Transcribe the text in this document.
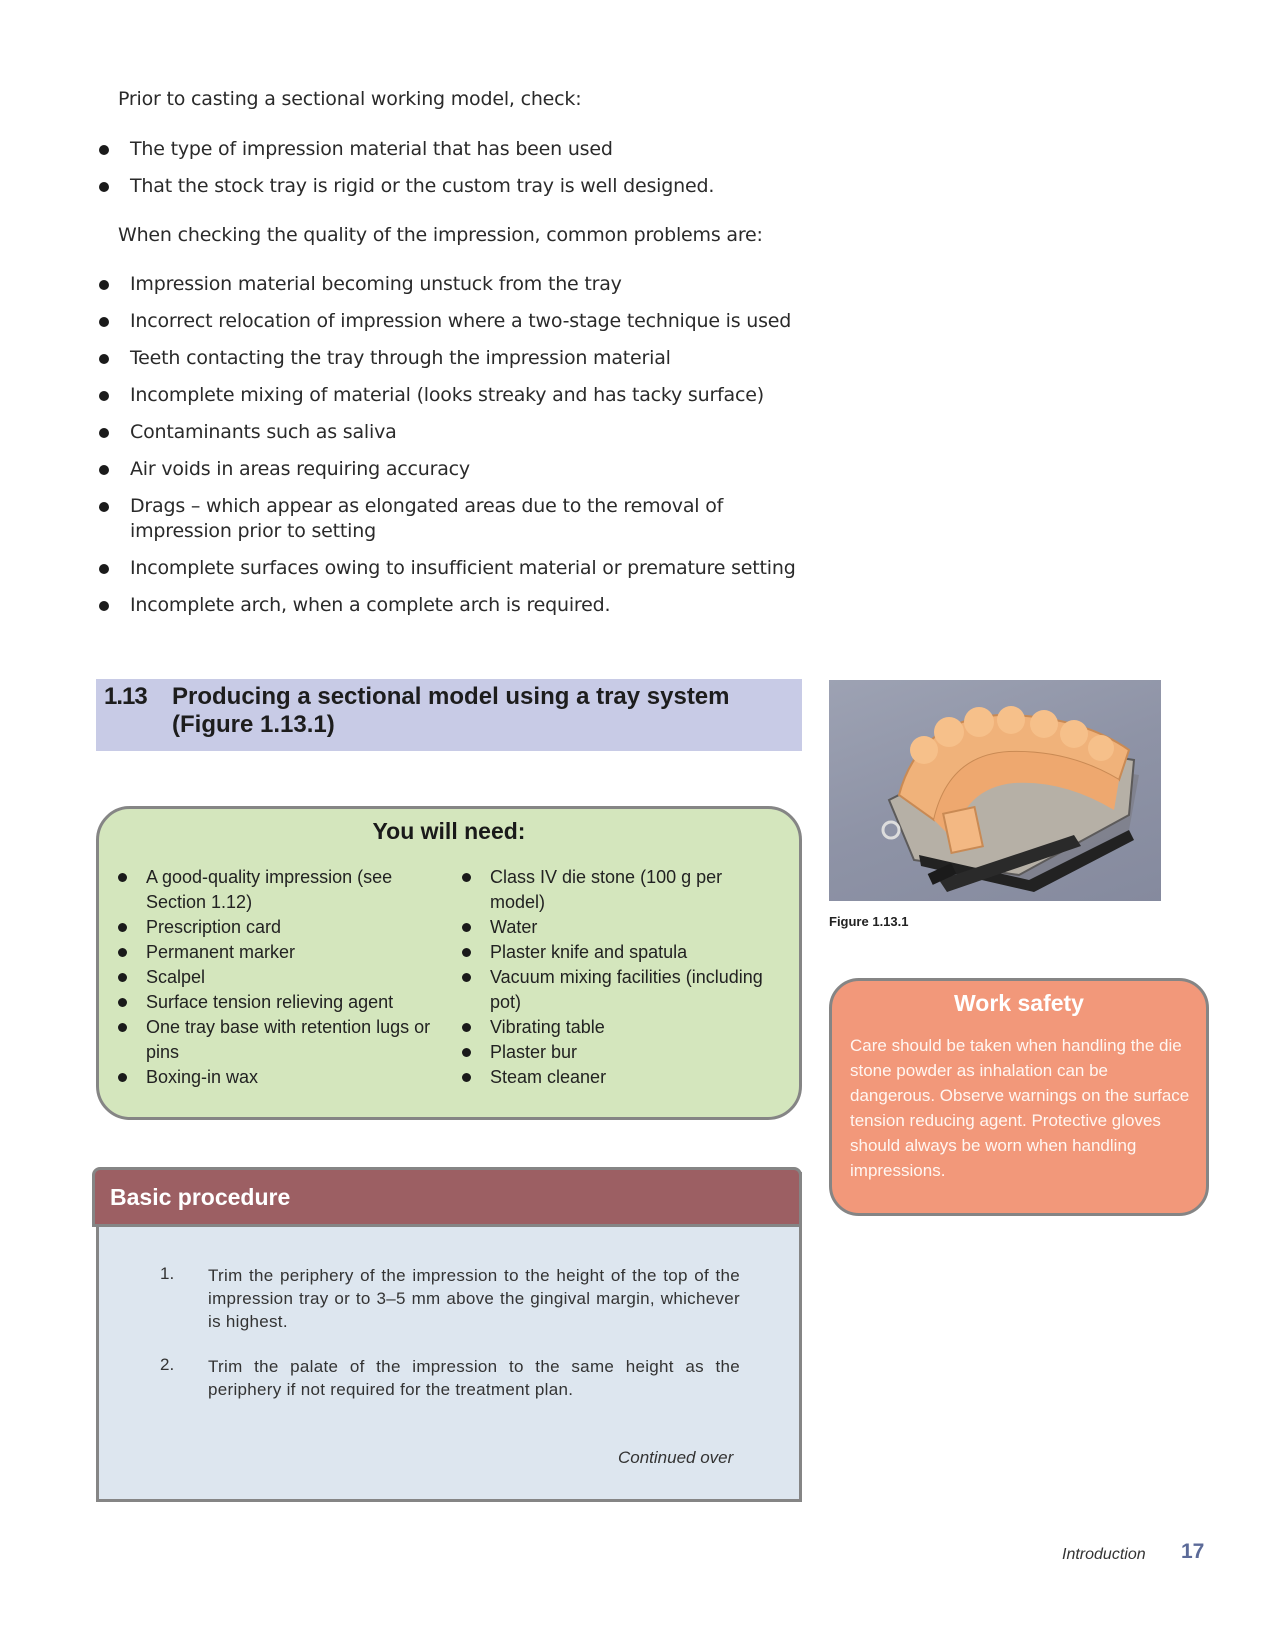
Prior to casting a sectional working model, check:
The type of impression material that has been used
That the stock tray is rigid or the custom tray is well designed.
When checking the quality of the impression, common problems are:
Impression material becoming unstuck from the tray
Incorrect relocation of impression where a two-stage technique is used
Teeth contacting the tray through the impression material
Incomplete mixing of material (looks streaky and has tacky surface)
Contaminants such as saliva
Air voids in areas requiring accuracy
Drags – which appear as elongated areas due to the removal of impression prior to setting
Incomplete surfaces owing to insufficient material or premature setting
Incomplete arch, when a complete arch is required.
1.13 Producing a sectional model using a tray system (Figure 1.13.1)
You will need:
A good-quality impression (see Section 1.12)
Prescription card
Permanent marker
Scalpel
Surface tension relieving agent
One tray base with retention lugs or pins
Boxing-in wax
Class IV die stone (100 g per model)
Water
Plaster knife and spatula
Vacuum mixing facilities (including pot)
Vibrating table
Plaster bur
Steam cleaner
Figure 1.13.1
Work safety
Care should be taken when handling the die stone powder as inhalation can be dangerous. Observe warnings on the surface tension reducing agent. Protective gloves should always be worn when handling impressions.
Basic procedure
1. Trim the periphery of the impression to the height of the top of the impression tray or to 3–5 mm above the gingival margin, whichever is highest.
2. Trim the palate of the impression to the same height as the periphery if not required for the treatment plan.
Continued over
Introduction 17
